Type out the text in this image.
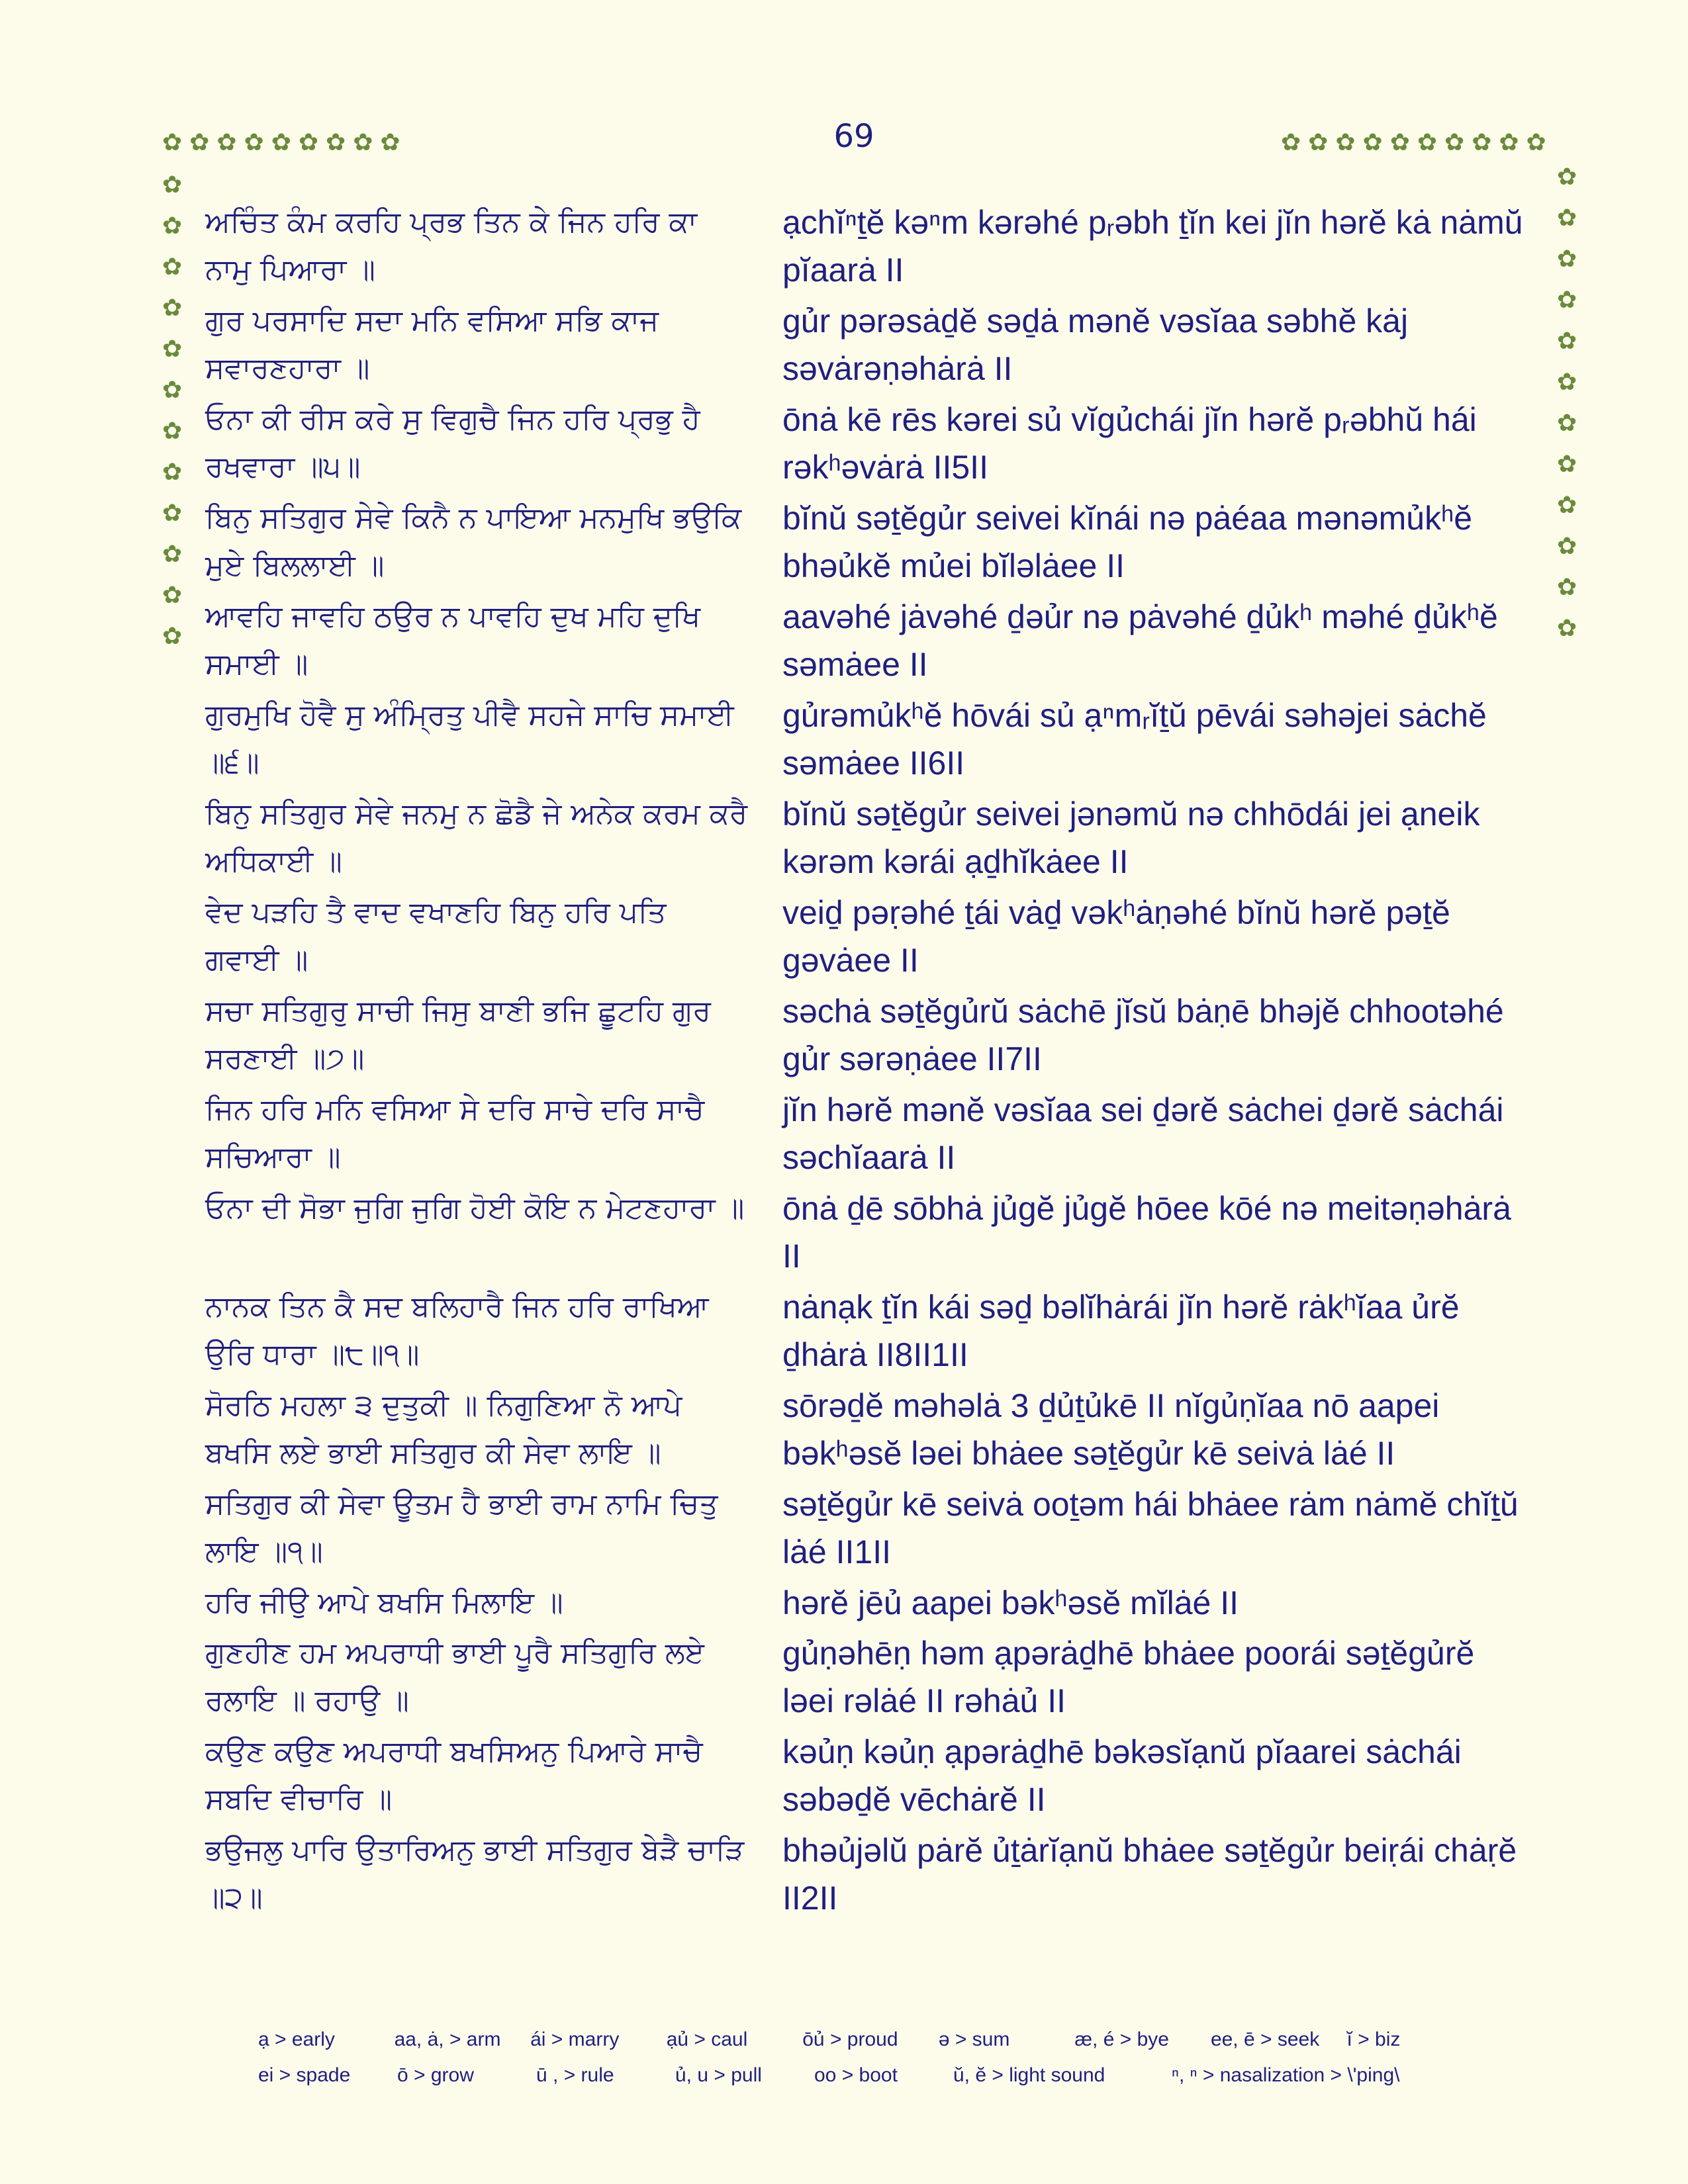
✿ ✿ ✿ ✿ ✿ ✿ ✿ ✿ ✿	✿ ✿ ✿ ✿ ✿ ✿ ✿ ✿ ✿ ✿
✿
✿
✿
✿
✿
✿
✿
✿
✿
✿
✿
✿
✿
✿
✿
✿
✿
✿
✿
✿
✿
✿
✿
✿
69
ਅਚਿੰਤ ਕੰਮ ਕਰਹਿ ਪ੍ਰਭ ਤਿਨ ਕੇ ਜਿਨ ਹਰਿ ਕਾ ਨਾਮੁ ਪਿਆਰਾ ॥
ạchĭⁿṯĕ kəⁿm kərəhé pᵣəbh ṯĭn kei jĭn hərĕ kȧ nȧmŭ pĭaarȧ II
ਗੁਰ ਪਰਸਾਦਿ ਸਦਾ ਮਨਿ ਵਸਿਆ ਸਭਿ ਕਾਜ ਸਵਾਰਣਹਾਰਾ ॥
gủr pərəsȧḏĕ səḏȧ mənĕ vəsĭaa səbhĕ kȧj səvȧrəṇəhȧrȧ II
ਓਨਾ ਕੀ ਰੀਸ ਕਰੇ ਸੁ ਵਿਗੁਚੈ ਜਿਨ ਹਰਿ ਪ੍ਰਭੁ ਹੈ ਰਖਵਾਰਾ ॥੫॥
ōnȧ kē rēs kərei sủ vĭgủchái jĭn hərĕ pᵣəbhŭ hái rəkʰəvȧrȧ II5II
ਬਿਨੁ ਸਤਿਗੁਰ ਸੇਵੇ ਕਿਨੈ ਨ ਪਾਇਆ ਮਨਮੁਖਿ ਭਉਕਿ ਮੁਏ ਬਿਲਲਾਈ ॥
bĭnŭ səṯĕgủr seivei kĭnái nə pȧéaa mənəmủkʰĕ bhəủkĕ mủei bĭləlȧee II
ਆਵਹਿ ਜਾਵਹਿ ਠਉਰ ਨ ਪਾਵਹਿ ਦੁਖ ਮਹਿ ਦੁਖਿ ਸਮਾਈ ॥
aavəhé jȧvəhé ḏəủr nə pȧvəhé ḏủkʰ məhé ḏủkʰĕ səmȧee II
ਗੁਰਮੁਖਿ ਹੋਵੈ ਸੁ ਅੰਮ੍ਰਿਤੁ ਪੀਵੈ ਸਹਜੇ ਸਾਚਿ ਸਮਾਈ ॥੬॥
gủrəmủkʰĕ hōvái sủ ạⁿmᵣĭṯŭ pēvái səhəjei sȧchĕ səmȧee II6II
ਬਿਨੁ ਸਤਿਗੁਰ ਸੇਵੇ ਜਨਮੁ ਨ ਛੋਡੈ ਜੇ ਅਨੇਕ ਕਰਮ ਕਰੈ ਅਧਿਕਾਈ ॥
bĭnŭ səṯĕgủr seivei jənəmŭ nə chhōdái jei ạneik kərəm kərái ạḏhĭkȧee II
ਵੇਦ ਪੜਹਿ ਤੈ ਵਾਦ ਵਖਾਣਹਿ ਬਿਨੁ ਹਰਿ ਪਤਿ ਗਵਾਈ ॥
veiḏ pəṛəhé ṯái vȧḏ vəkʰȧṇəhé bĭnŭ hərĕ pəṯĕ gəvȧee II
ਸਚਾ ਸਤਿਗੁਰੁ ਸਾਚੀ ਜਿਸੁ ਬਾਣੀ ਭਜਿ ਛੂਟਹਿ ਗੁਰ ਸਰਣਾਈ ॥੭॥
səchȧ səṯĕgủrŭ sȧchē jĭsŭ bȧṇē bhəjĕ chhootəhé gủr sərəṇȧee II7II
ਜਿਨ ਹਰਿ ਮਨਿ ਵਸਿਆ ਸੇ ਦਰਿ ਸਾਚੇ ਦਰਿ ਸਾਚੈ ਸਚਿਆਰਾ ॥
jĭn hərĕ mənĕ vəsĭaa sei ḏərĕ sȧchei ḏərĕ sȧchái səchĭaarȧ II
ਓਨਾ ਦੀ ਸੋਭਾ ਜੁਗਿ ਜੁਗਿ ਹੋਈ ਕੋਇ ਨ ਮੇਟਣਹਾਰਾ ॥ ōnȧ ḏē sōbhȧ jủgĕ jủgĕ hōee kōé nə meitəṇəhȧrȧ II
ਨਾਨਕ ਤਿਨ ਕੈ ਸਦ ਬਲਿਹਾਰੈ ਜਿਨ ਹਰਿ ਰਾਖਿਆ ਉਰਿ ਧਾਰਾ ॥੮॥੧॥
nȧnạk ṯĭn kái səḏ bəlĭhȧrái jĭn hərĕ rȧkʰĭaa ủrĕ ḏhȧrȧ II8II1II
ਸੋਰਠਿ ਮਹਲਾ ੩ ਦੁਤੁਕੀ ॥ ਨਿਗੁਣਿਆ ਨੋ ਆਪੇ ਬਖਸਿ ਲਏ ਭਾਈ ਸਤਿਗੁਰ ਕੀ ਸੇਵਾ ਲਾਇ ॥
sōrəḏĕ məhəlȧ 3 ḏủṯủkē II nĭgủṇĭaa nō aapei bəkʰəsĕ ləei bhȧee səṯĕgủr kē seivȧ lȧé II
ਸਤਿਗੁਰ ਕੀ ਸੇਵਾ ਊਤਮ ਹੈ ਭਾਈ ਰਾਮ ਨਾਮਿ ਚਿਤੁ ਲਾਇ ॥੧॥
səṯĕgủr kē seivȧ ooṯəm hái bhȧee rȧm nȧmĕ chĭṯŭ lȧé II1II
ਹਰਿ ਜੀਉ ਆਪੇ ਬਖਸਿ ਮਿਲਾਇ ॥	hərĕ jēủ aapei bəkʰəsĕ mĭlȧé II
ਗੁਣਹੀਣ ਹਮ ਅਪਰਾਧੀ ਭਾਈ ਪੂਰੈ ਸਤਿਗੁਰਿ ਲਏ ਰਲਾਇ ॥ ਰਹਾਉ ॥
gủṇəhēṇ həm ạpərȧḏhē bhȧee poorái səṯĕgủrĕ ləei rəlȧé II rəhȧủ II
ਕਉਣ ਕਉਣ ਅਪਰਾਧੀ ਬਖਸਿਅਨੁ ਪਿਆਰੇ ਸਾਚੈ ਸਬਦਿ ਵੀਚਾਰਿ ॥
kəủṇ kəủṇ ạpərȧḏhē bəkəsĭạnŭ pĭaarei sȧchái səbəḏĕ vēchȧrĕ II
ਭਉਜਲੁ ਪਾਰਿ ਉਤਾਰਿਅਨੁ ਭਾਈ ਸਤਿਗੁਰ ਬੇੜੈ ਚਾੜਿ ॥੨॥
bhəủjəlŭ pȧrĕ ủṯȧrĭạnŭ bhȧee səṯĕgủr beiṛái chȧṛĕ II2II
ạ > early	aa, ȧ, > arm	ái > marry	ạủ > caul	ōủ > proud	ə > sum	æ, é > bye	ee, ē > seek	ĭ > biz
ei > spade	ō > grow	ū , > rule	ủ, u > pull	oo > boot	ŭ, ĕ > light sound	ⁿ, ⁿ > nasalization > \'ping\
